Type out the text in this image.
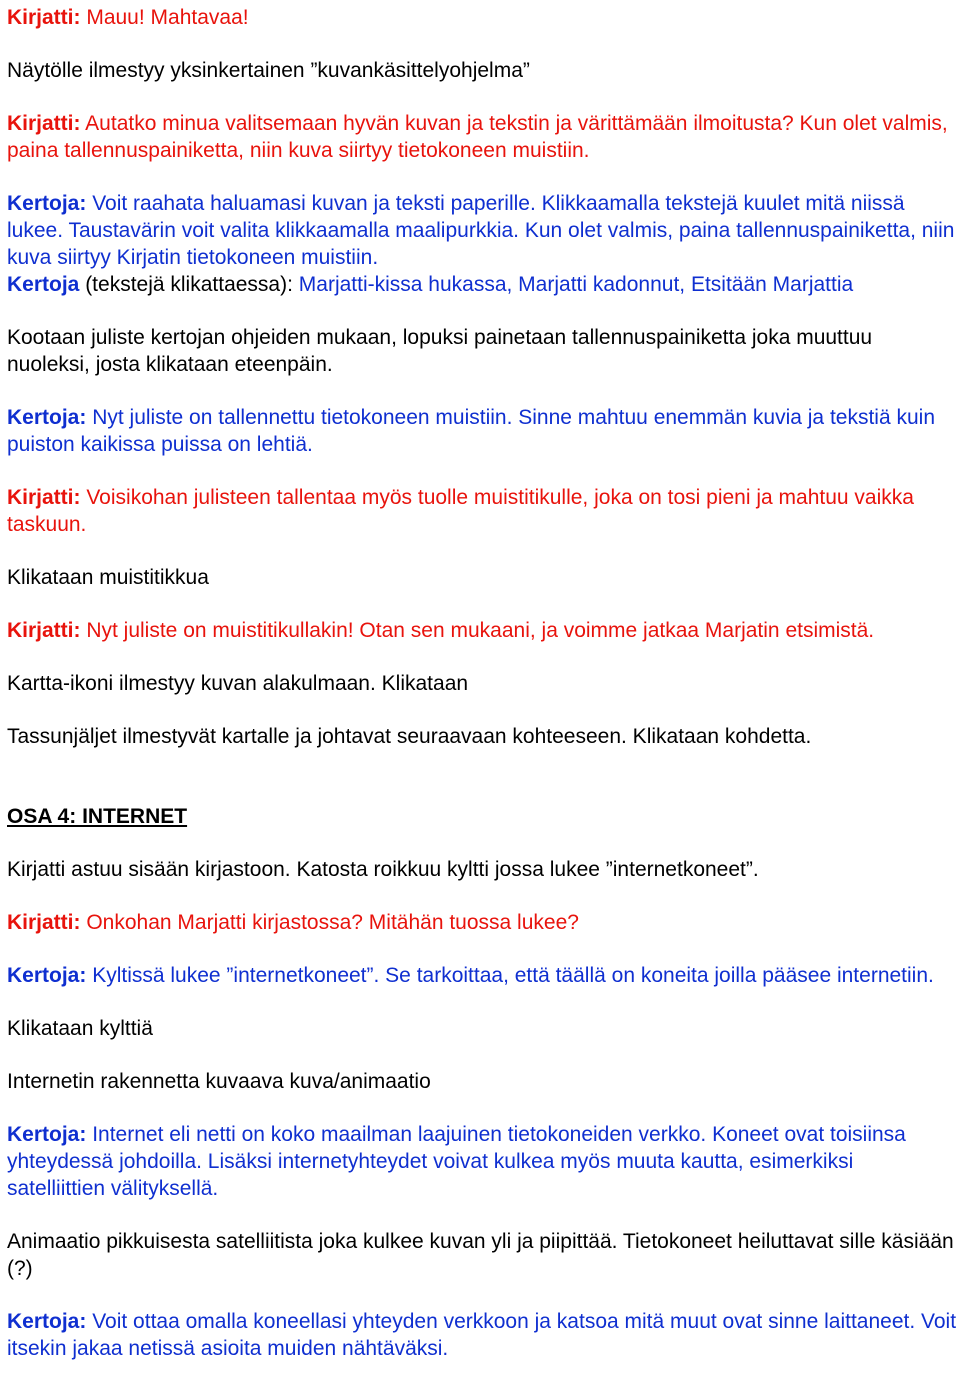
Kirjatti: Mauu! Mahtavaa!

Näytölle ilmestyy yksinkertainen ”kuvankäsittelyohjelma”

Kirjatti: Autatko minua valitsemaan hyvän kuvan ja tekstin ja värittämään ilmoitusta? Kun olet valmis, paina tallennuspainiketta, niin kuva siirtyy tietokoneen muistiin.

Kertoja: Voit raahata haluamasi kuvan ja teksti paperille. Klikkaamalla tekstejä kuulet mitä niissä lukee. Taustavärin voit valita klikkaamalla maalipurkkia. Kun olet valmis, paina tallennuspainiketta, niin kuva siirtyy Kirjatin tietokoneen muistiin.

Kertoja (tekstejä klikattaessa): Marjatti-kissa hukassa, Marjatti kadonnut, Etsitään Marjattia

Kootaan juliste kertojan ohjeiden mukaan, lopuksi painetaan tallennuspainiketta joka muuttuu nuoleksi, josta klikataan eteenpäin.

Kertoja: Nyt juliste on tallennettu tietokoneen muistiin. Sinne mahtuu enemmän kuvia ja tekstiä kuin puiston kaikissa puissa on lehtiä.

Kirjatti: Voisikohan julisteen tallentaa myös tuolle muistitikulle, joka on tosi pieni ja mahtuu vaikka taskuun.

Klikataan muistitikkua

Kirjatti: Nyt juliste on muistitikullakin! Otan sen mukaani, ja voimme jatkaa Marjatin etsimistä.

Kartta-ikoni ilmestyy kuvan alakulmaan. Klikataan

Tassunjäljet ilmestyvät kartalle ja johtavat seuraavaan kohteeseen. Klikataan kohdetta.

OSA 4: INTERNET

Kirjatti astuu sisään kirjastoon. Katosta roikkuu kyltti jossa lukee ”internetkoneet”.

Kirjatti: Onkohan Marjatti kirjastossa? Mitähän tuossa lukee?

Kertoja: Kyltissä lukee ”internetkoneet”. Se tarkoittaa, että täällä on koneita joilla pääsee internetiin.

Klikataan kylttiä

Internetin rakennetta kuvaava kuva/animaatio

Kertoja: Internet eli netti on koko maailman laajuinen tietokoneiden verkko. Koneet ovat toisiinsa yhteydessä johdoilla. Lisäksi internetyhteydet voivat kulkea myös muuta kautta, esimerkiksi satelliittien välityksellä.

Animaatio pikkuisesta satelliitista joka kulkee kuvan yli ja piipittää. Tietokoneet heiluttavat sille käsiään (?)

Kertoja: Voit ottaa omalla koneellasi yhteyden verkkoon ja katsoa mitä muut ovat sinne laittaneet. Voit itsekin jakaa netissä asioita muiden nähtäväksi.
